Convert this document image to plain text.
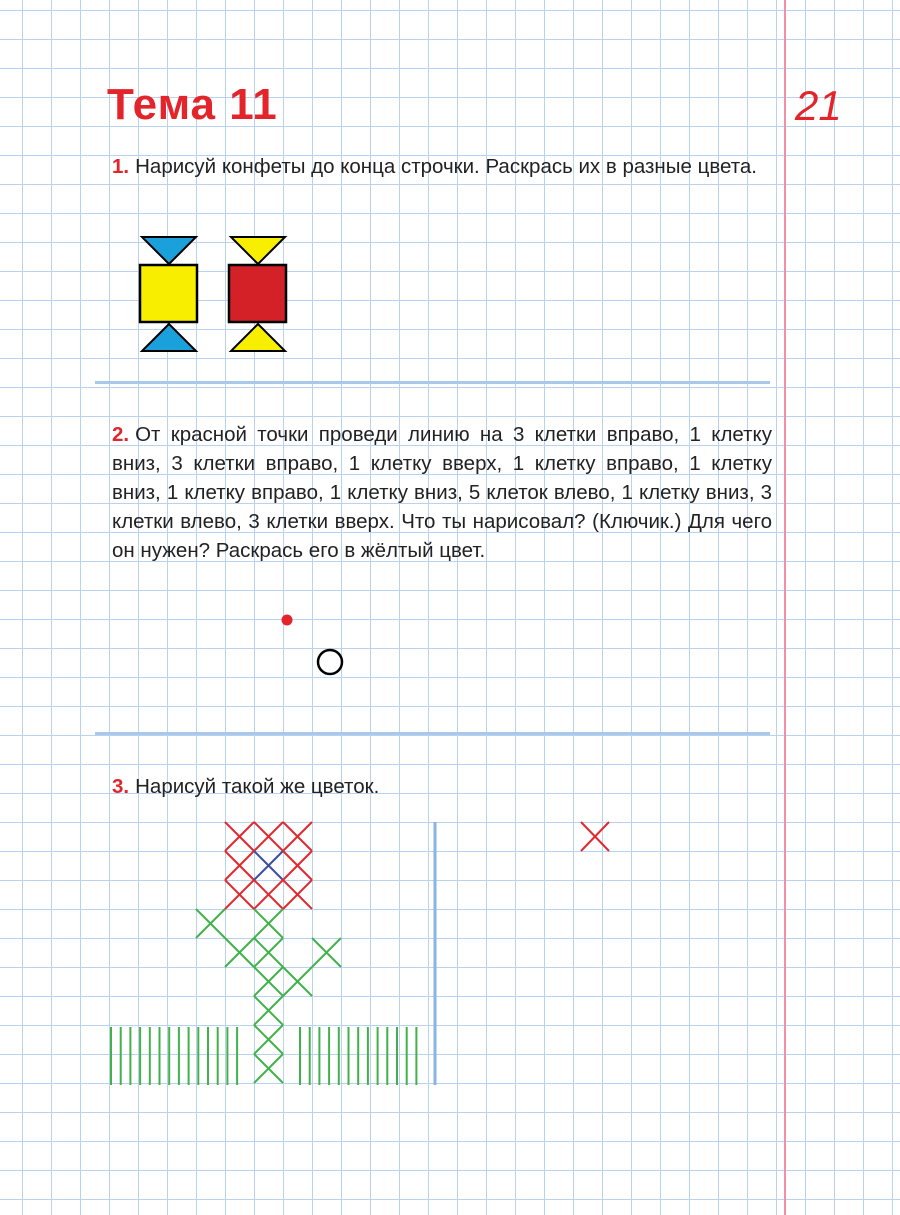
Тема 11	21
1. Нарисуй конфеты до конца строчки. Раскрась их в разные цвета.
2. От красной точки проведи линию на 3 клетки вправо, 1 клетку вниз, 3 клетки вправо, 1 клетку вверх, 1 клетку вправо, 1 клетку вниз, 1 клетку вправо, 1 клетку вниз, 5 клеток влево, 1 клетку вниз, 3 клетки влево, 3 клетки вверх. Что ты нарисовал? (Ключик.) Для чего он нужен? Раскрась его в жёлтый цвет.
3. Нарисуй такой же цветок.
